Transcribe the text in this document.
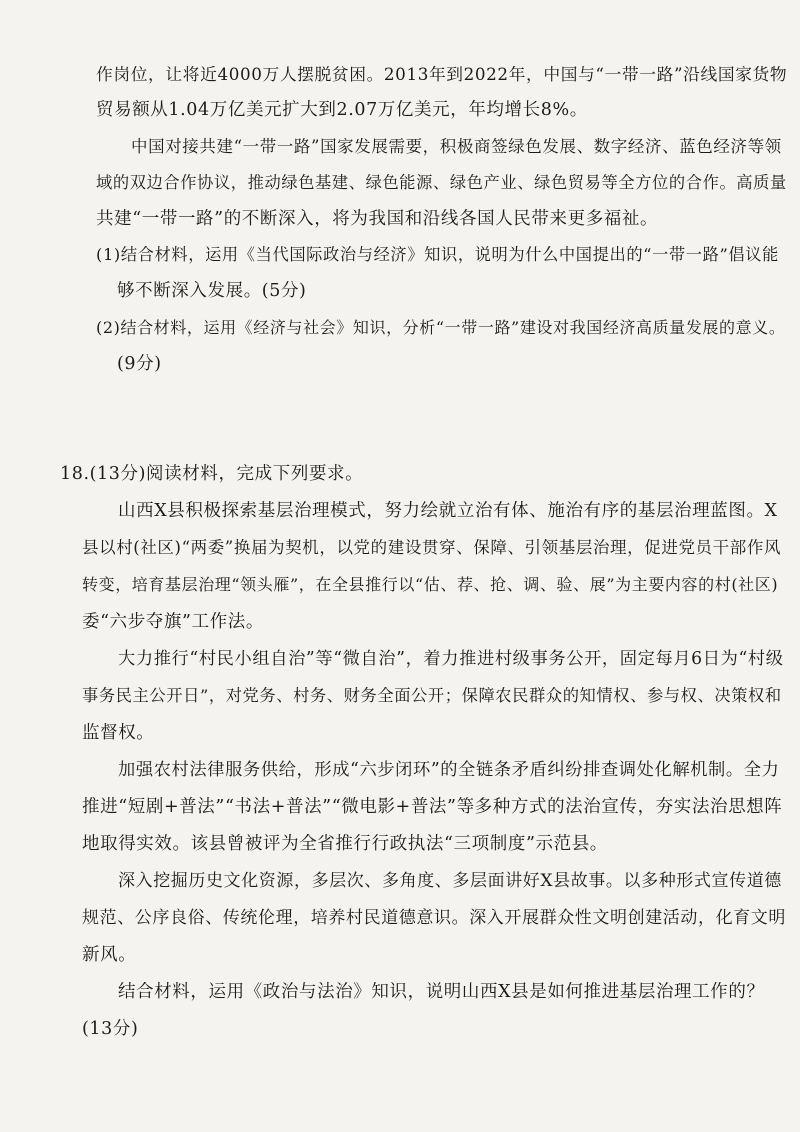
作岗位，让将近4000万人摆脱贫困。2013年到2022年，中国与“一带一路”沿线国家货物
贸易额从1.04万亿美元扩大到2.07万亿美元，年均增长8%。
中国对接共建“一带一路”国家发展需要，积极商签绿色发展、数字经济、蓝色经济等领
域的双边合作协议，推动绿色基建、绿色能源、绿色产业、绿色贸易等全方位的合作。高质量
共建“一带一路”的不断深入，将为我国和沿线各国人民带来更多福祉。
(1)结合材料，运用《当代国际政治与经济》知识，说明为什么中国提出的“一带一路”倡议能
够不断深入发展。(5分)
(2)结合材料，运用《经济与社会》知识，分析“一带一路”建设对我国经济高质量发展的意义。
(9分)
18.(13分)阅读材料，完成下列要求。
山西X县积极探索基层治理模式，努力绘就立治有体、施治有序的基层治理蓝图。X
县以村(社区)“两委”换届为契机，以党的建设贯穿、保障、引领基层治理，促进党员干部作风
转变，培育基层治理“领头雁”，在全县推行以“估、荐、抢、调、验、展”为主要内容的村(社区)
委“六步夺旗”工作法。
大力推行“村民小组自治”等“微自治”，着力推进村级事务公开，固定每月6日为“村级
事务民主公开日”，对党务、村务、财务全面公开；保障农民群众的知情权、参与权、决策权和
监督权。
加强农村法律服务供给，形成“六步闭环”的全链条矛盾纠纷排查调处化解机制。全力
推进“短剧+普法”“书法+普法”“微电影+普法”等多种方式的法治宣传，夯实法治思想阵
地取得实效。该县曾被评为全省推行行政执法“三项制度”示范县。
深入挖掘历史文化资源，多层次、多角度、多层面讲好X县故事。以多种形式宣传道德
规范、公序良俗、传统伦理，培养村民道德意识。深入开展群众性文明创建活动，化育文明
新风。
结合材料，运用《政治与法治》知识，说明山西X县是如何推进基层治理工作的？
(13分)
